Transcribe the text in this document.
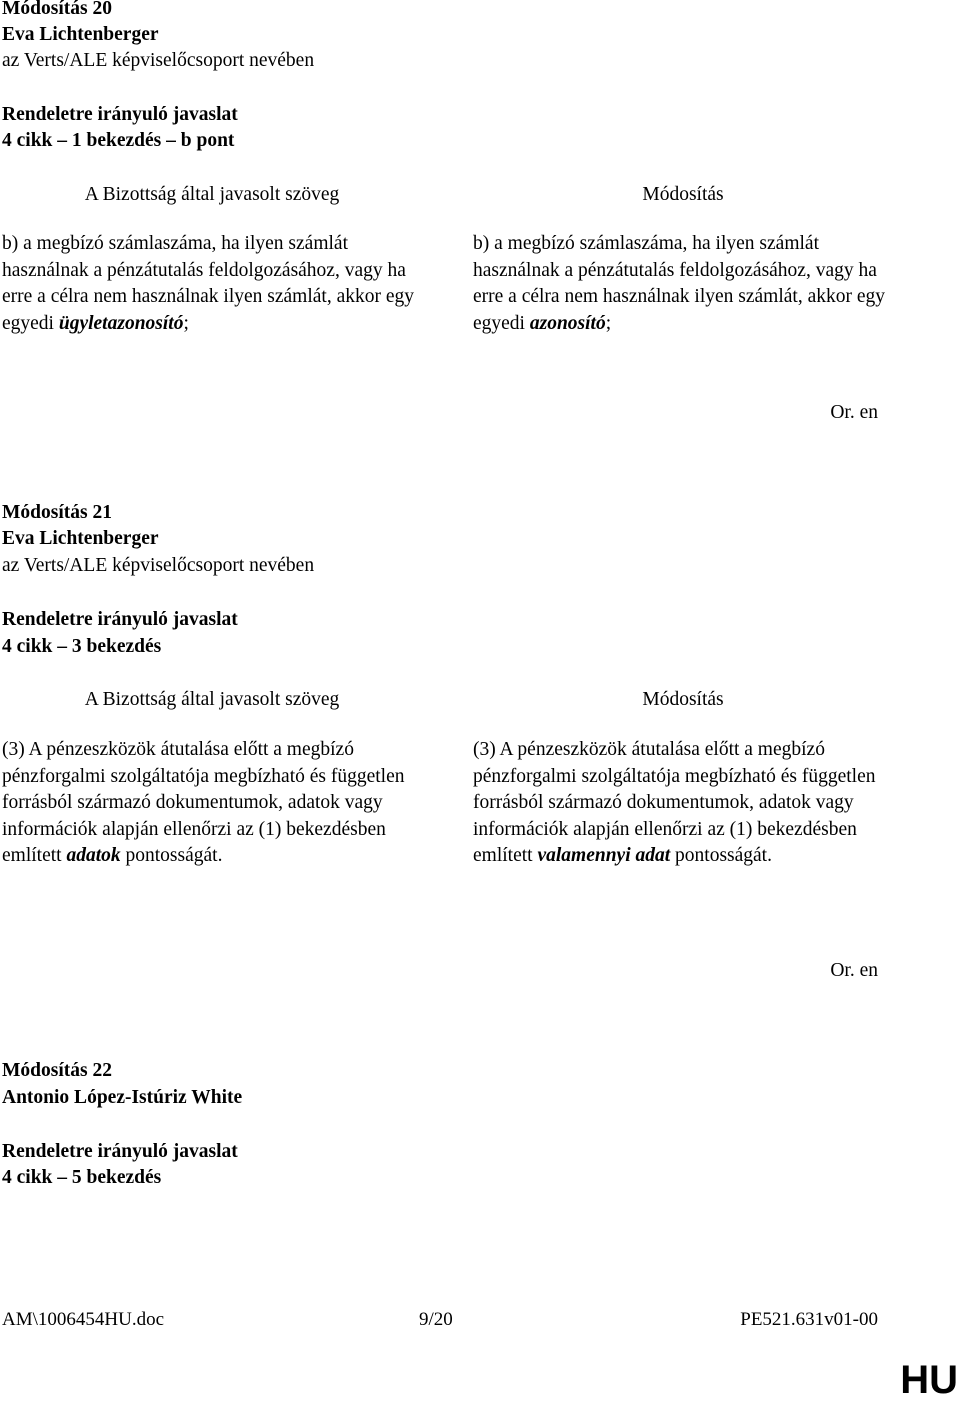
Módosítás 20
Eva Lichtenberger
az Verts/ALE képviselőcsoport nevében
Rendeletre irányuló javaslat
4 cikk – 1 bekezdés – b pont
A Bizottság által javasolt szöveg	Módosítás
b) a megbízó számlaszáma, ha ilyen számlát használnak a pénzátutalás feldolgozásához, vagy ha erre a célra nem használnak ilyen számlát, akkor egy egyedi ügyletazonosító;
b) a megbízó számlaszáma, ha ilyen számlát használnak a pénzátutalás feldolgozásához, vagy ha erre a célra nem használnak ilyen számlát, akkor egy egyedi azonosító;
Or. en
Módosítás 21
Eva Lichtenberger
az Verts/ALE képviselőcsoport nevében
Rendeletre irányuló javaslat
4 cikk – 3 bekezdés
A Bizottság által javasolt szöveg	Módosítás
(3) A pénzeszközök átutalása előtt a megbízó pénzforgalmi szolgáltatója megbízható és független forrásból származó dokumentumok, adatok vagy információk alapján ellenőrzi az (1) bekezdésben említett adatok pontosságát.
(3) A pénzeszközök átutalása előtt a megbízó pénzforgalmi szolgáltatója megbízható és független forrásból származó dokumentumok, adatok vagy információk alapján ellenőrzi az (1) bekezdésben említett valamennyi adat pontosságát.
Or. en
Módosítás 22
Antonio López-Istúriz White
Rendeletre irányuló javaslat
4 cikk – 5 bekezdés
AM\1006454HU.doc	9/20	PE521.631v01-00
HU
